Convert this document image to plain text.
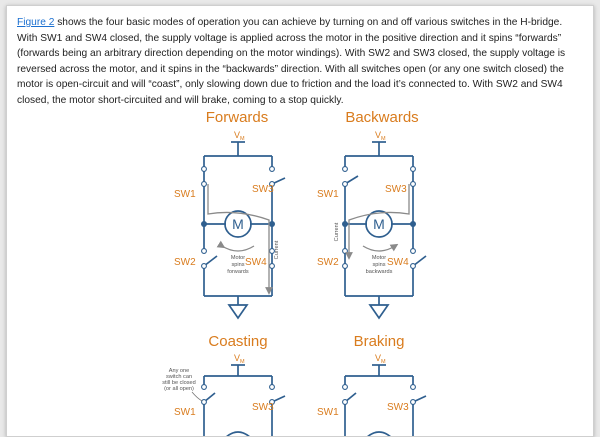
Figure 2 shows the four basic modes of operation you can achieve by turning on and off various switches in the H-bridge. With SW1 and SW4 closed, the supply voltage is applied across the motor in the positive direction and it spins “forwards” (forwards being an arbitrary direction depending on the motor windings). With SW2 and SW3 closed, the supply voltage is reversed across the motor, and it spins in the “backwards” direction. With all switches open (or any one switch closed) the motor is open-circuit and will “coast”, only slowing down due to friction and the load it’s connected to. With SW2 and SW4 closed, the motor short-circuited and will brake, coming to a stop quickly.

Forwards
$V_M$
M
Motor
spins
forwards
Current
SW1	SW3
SW2	SW4
Backwards
$V_M$
M
Motor
spins
backwards
Current
SW1	SW3
SW2	SW4
Coasting
$V_M$
Any one
switch can
still be closed
(or all open)
SW1	SW3
Braking
$V_M$
SW1	SW3
